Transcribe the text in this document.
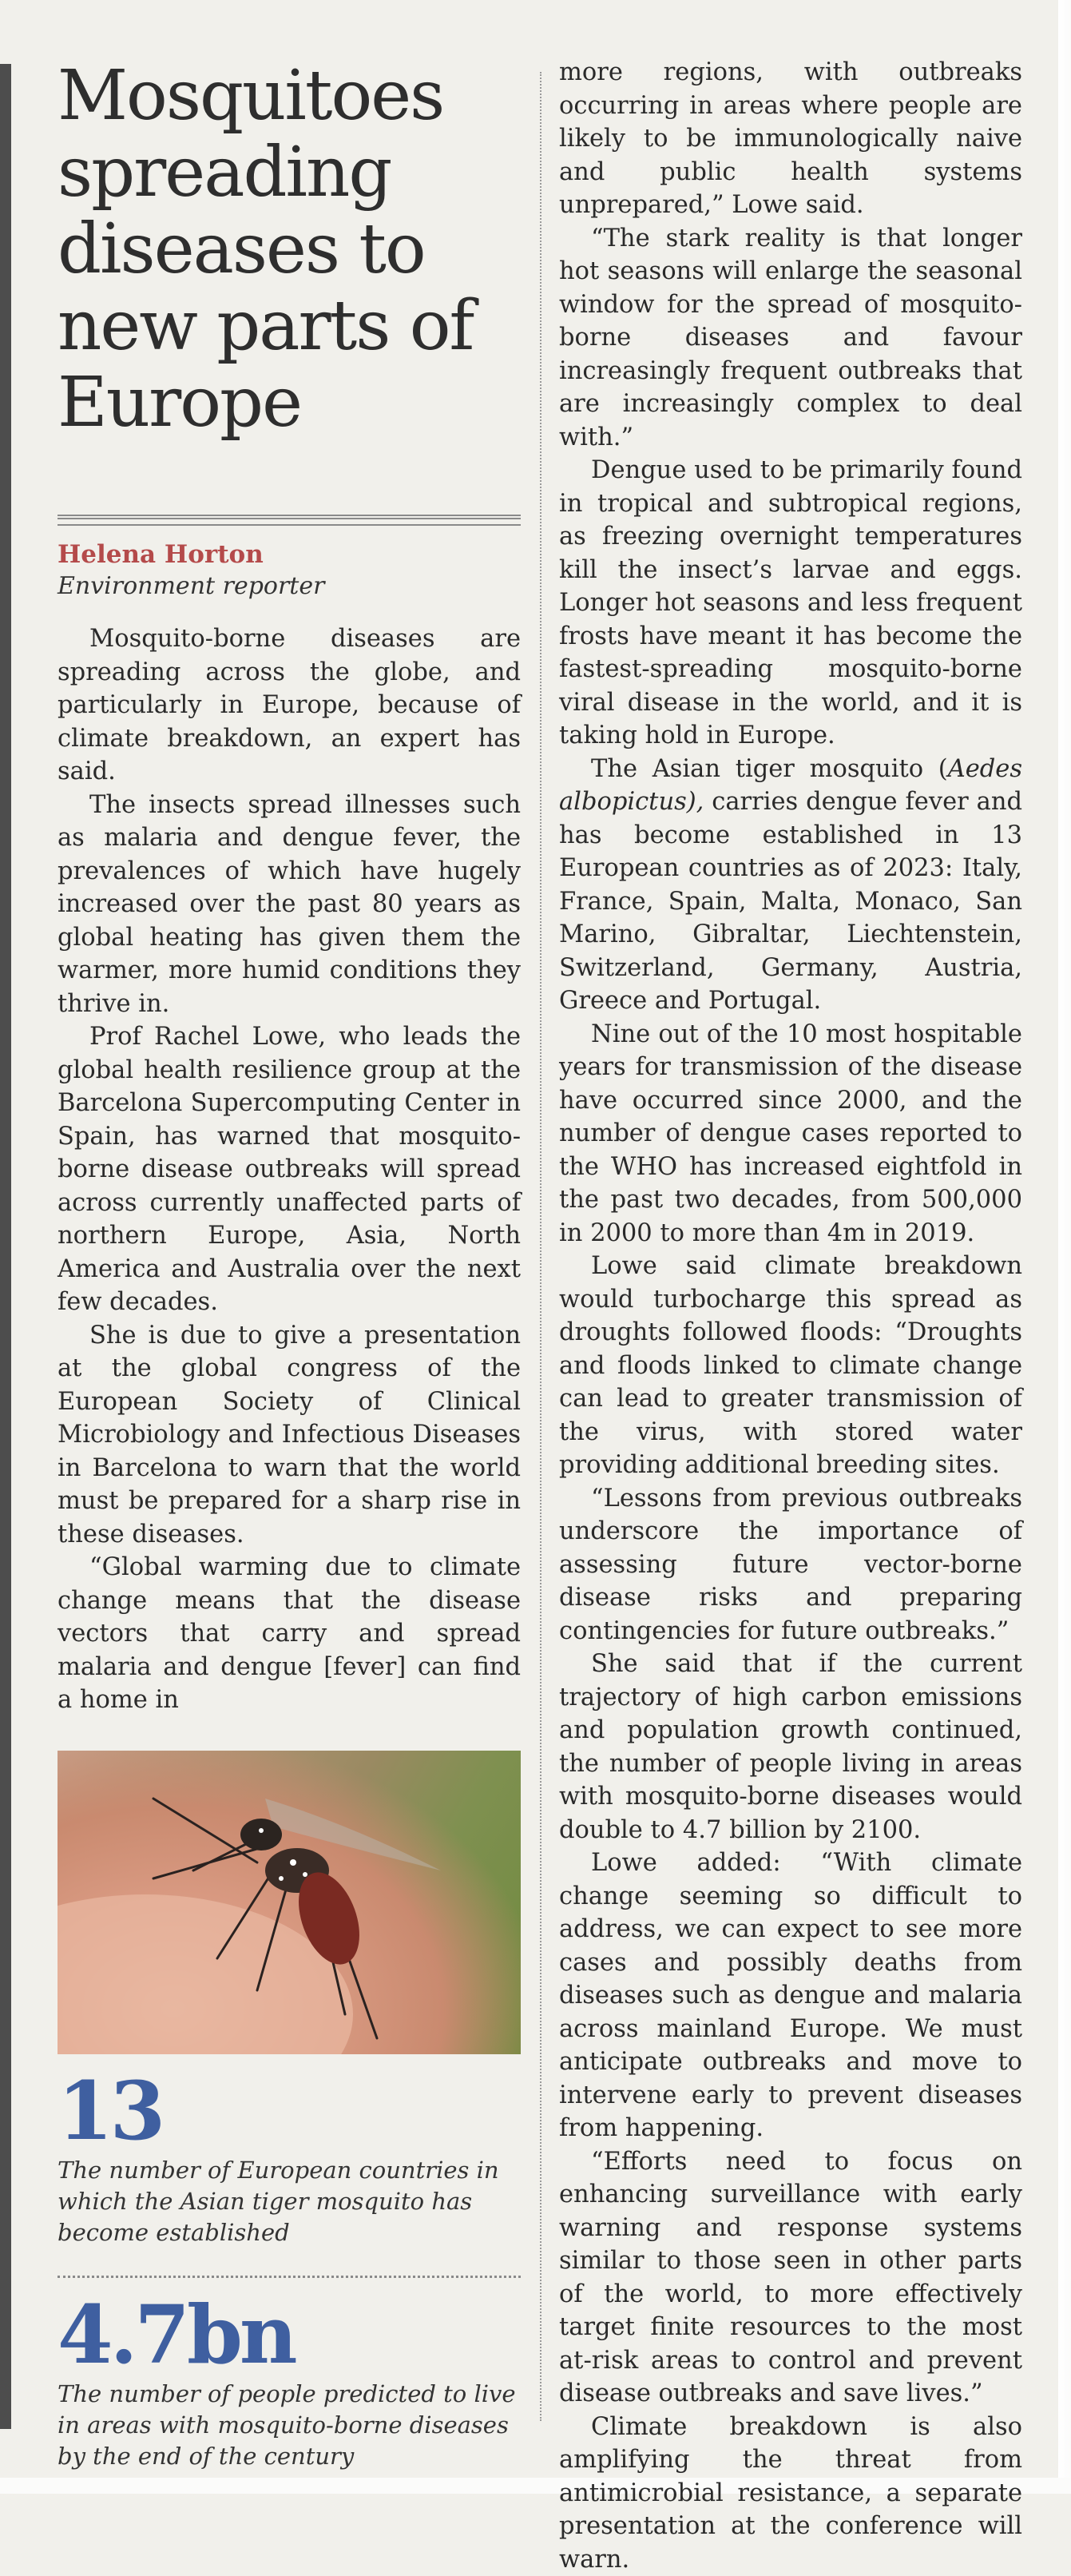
Mosquitoes spreading diseases to new parts of Europe
Helena Horton
Environment reporter

Mosquito-borne diseases are spreading across the globe, and particularly in Europe, because of climate breakdown, an expert has said.

The insects spread illnesses such as malaria and dengue fever, the prevalences of which have hugely increased over the past 80 years as global heating has given them the warmer, more humid conditions they thrive in.

Prof Rachel Lowe, who leads the global health resilience group at the Barcelona Supercomputing Center in Spain, has warned that mosquito-borne disease outbreaks will spread across currently unaffected parts of northern Europe, Asia, North America and Australia over the next few decades.

She is due to give a presentation at the global congress of the European Society of Clinical Microbiology and Infectious Diseases in Barcelona to warn that the world must be prepared for a sharp rise in these diseases.

“Global warming due to climate change means that the disease vectors that carry and spread malaria and dengue [fever] can find a home in

13
The number of European countries in which the Asian tiger mosquito has become established
4.7bn
The number of people predicted to live in areas with mosquito-borne diseases by the end of the century

more regions, with outbreaks occurring in areas where people are likely to be immunologically naive and public health systems unprepared,” Lowe said.

“The stark reality is that longer hot seasons will enlarge the seasonal window for the spread of mosquito-borne diseases and favour increasingly frequent outbreaks that are increasingly complex to deal with.”

Dengue used to be primarily found in tropical and subtropical regions, as freezing overnight temperatures kill the insect’s larvae and eggs. Longer hot seasons and less frequent frosts have meant it has become the fastest-spreading mosquito-borne viral disease in the world, and it is taking hold in Europe.

The Asian tiger mosquito (Aedes albopictus), carries dengue fever and has become established in 13 European countries as of 2023: Italy, France, Spain, Malta, Monaco, San Marino, Gibraltar, Liechtenstein, Switzerland, Germany, Austria, Greece and Portugal.

Nine out of the 10 most hospitable years for transmission of the disease have occurred since 2000, and the number of dengue cases reported to the WHO has increased eightfold in the past two decades, from 500,000 in 2000 to more than 4m in 2019.

Lowe said climate breakdown would turbocharge this spread as droughts followed floods: “Droughts and floods linked to climate change can lead to greater transmission of the virus, with stored water providing additional breeding sites.

“Lessons from previous outbreaks underscore the importance of assessing future vector-borne disease risks and preparing contingencies for future outbreaks.”

She said that if the current trajectory of high carbon emissions and population growth continued, the number of people living in areas with mosquito-borne diseases would double to 4.7 billion by 2100.

Lowe added: “With climate change seeming so difficult to address, we can expect to see more cases and possibly deaths from diseases such as dengue and malaria across mainland Europe. We must anticipate outbreaks and move to intervene early to prevent diseases from happening.

“Efforts need to focus on enhancing surveillance with early warning and response systems similar to those seen in other parts of the world, to more effectively target finite resources to the most at-risk areas to control and prevent disease outbreaks and save lives.”

Climate breakdown is also amplifying the threat from antimicrobial resistance, a separate presentation at the conference will warn.
